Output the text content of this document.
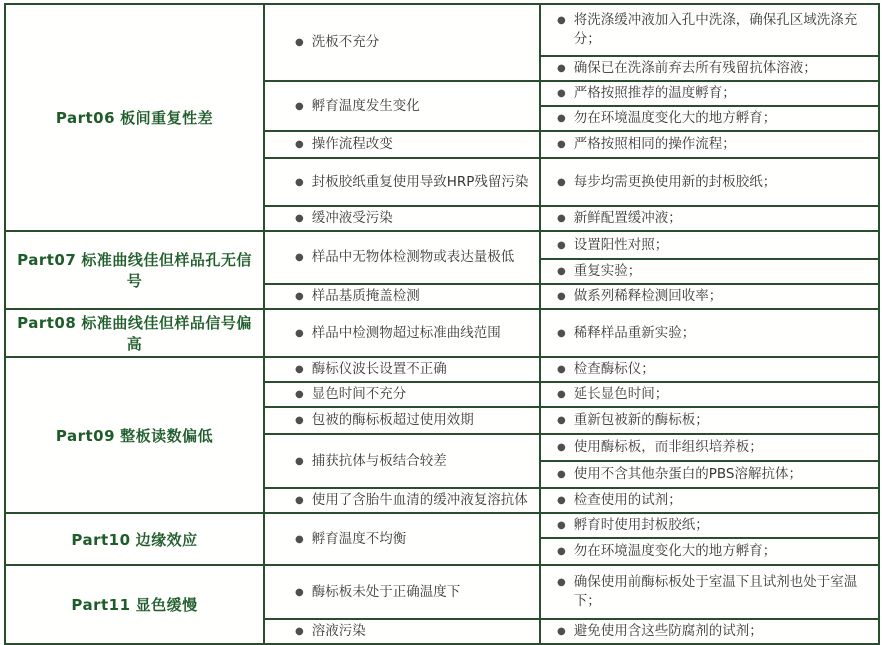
Part06 板间重复性差	● 洗板不充分	● 将洗涤缓冲液加入孔中洗涤，确保孔区域洗涤充分；

		● 确保已在洗涤前弃去所有残留抗体溶液；

	● 孵育温度发生变化	● 严格按照推荐的温度孵育；

		● 勿在环境温度变化大的地方孵育；

	● 操作流程改变	● 严格按照相同的操作流程；

	● 封板胶纸重复使用导致HRP残留污染	● 每步均需更换使用新的封板胶纸；

	● 缓冲液受污染	● 新鲜配置缓冲液；

Part07 标准曲线佳但样品孔无信号	● 样品中无物体检测物或表达量极低	● 设置阳性对照；

		● 重复实验；

	● 样品基质掩盖检测	● 做系列稀释检测回收率；

Part08 标准曲线佳但样品信号偏高	● 样品中检测物超过标准曲线范围	● 稀释样品重新实验；

Part09 整板读数偏低	● 酶标仪波长设置不正确	● 检查酶标仪；

	● 显色时间不充分	● 延长显色时间；

	● 包被的酶标板超过使用效期	● 重新包被新的酶标板；

	● 捕获抗体与板结合较差	● 使用酶标板，而非组织培养板；

		● 使用不含其他杂蛋白的PBS溶解抗体；

	● 使用了含胎牛血清的缓冲液复溶抗体	● 检查使用的试剂；

Part10 边缘效应	● 孵育温度不均衡	● 孵育时使用封板胶纸；

		● 勿在环境温度变化大的地方孵育；

Part11 显色缓慢	● 酶标板未处于正确温度下	● 确保使用前酶标板处于室温下且试剂也处于室温下；

	● 溶液污染	● 避免使用含这些防腐剂的试剂；
